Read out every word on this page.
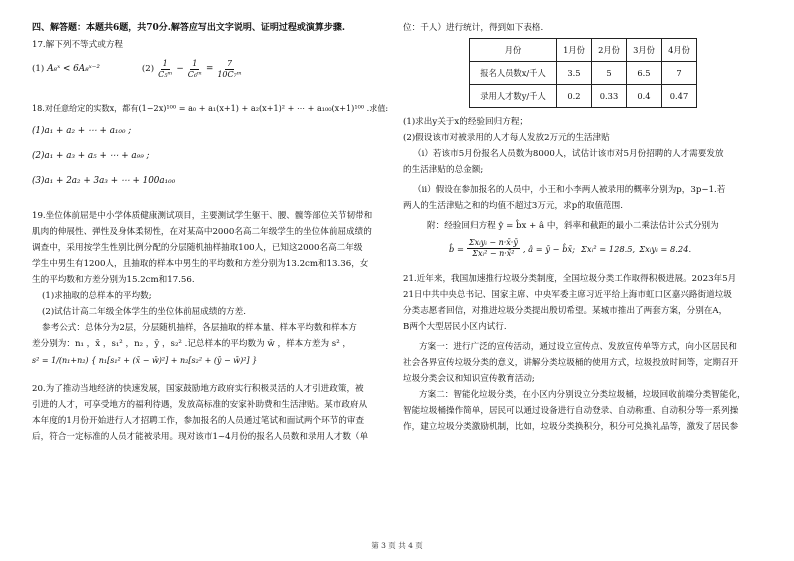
四、解答题：本题共6题，共70分.解答应写出文字说明、证明过程或演算步骤.
17.解下列不等式或方程
(1) A₈ˣ < 6A₈ˣ⁻²	$(2) \frac{1}{\text{C₅ᵐ}} - \frac{1}{\text{C₆ᵐ}} = \frac{7}{\text{10C₇ᵐ}}$
18.对任意给定的实数x，都有(1−2x)¹⁰⁰ = a₀ + a₁(x+1) + a₂(x+1)² + ⋯ + a₁₀₀(x+1)¹⁰⁰ .求值:
(1)a₁ + a₂ + ⋯ + a₁₀₀ ;
(2)a₁ + a₃ + a₅ + ⋯ + a₉₉ ;
(3)a₁ + 2a₂ + 3a₃ + ⋯ + 100a₁₀₀
19.坐位体前屈是中小学体质健康测试项目，主要测试学生躯干、腰、髋等部位关节韧带和
肌肉的伸展性、弹性及身体柔韧性，在对某高中2000名高二年级学生的坐位体前屈成绩的
调查中，采用按学生性别比例分配的分层随机抽样抽取100人，已知这2000名高二年级
学生中男生有1200人，且抽取的样本中男生的平均数和方差分别为13.2cm和13.36，女
生的平均数和方差分别为15.2cm和17.56.
(1)求抽取的总样本的平均数;
(2)试估计高二年级全体学生的坐位体前屈成绩的方差.
参考公式：总体分为2层，分层随机抽样，各层抽取的样本量、样本平均数和样本方
差分别为：n₁ ，x̄ ，s₁² ，n₂ ，ȳ ，s₂² .记总样本的平均数为 w̄ ，样本方差为 s² ，
s² = 1/(n₁+n₂) { n₁[s₁² + (x̄ − w̄)²] + n₂[s₂² + (ȳ − w̄)²] }
20.为了推动当地经济的快速发展，国家鼓励地方政府实行积极灵活的人才引进政策，被
引进的人才，可享受地方的福利待遇，发放高标准的安家补助费和生活津贴。某市政府从
本年度的1月份开始进行人才招聘工作，参加报名的人员通过笔试和面试两个环节的审查
后，符合一定标准的人员才能被录用。现对该市1~4月份的报名人员数和录用人才数（单
位：千人）进行统计，得到如下表格.
月份	1月份	2月份	3月份	4月份
报名人员数x/千人	3.5	5	6.5	7
录用人才数y/千人	0.2	0.33	0.4	0.47
(1)求出y关于x的经验回归方程；
(2)假设该市对被录用的人才每人发放2万元的生活津贴
（i）若该市5月份报名人员数为8000人，试估计该市对5月份招聘的人才需要发放
的生活津贴的总金额;
（ii）假设在参加报名的人员中，小王和小李两人被录用的概率分别为p，3p−1.若
两人的生活津贴之和的均值不超过3万元，求p的取值范围.
附：经验回归方程 ŷ = b̂x + â 中，斜率和截距的最小二乘法估计公式分别为
b̂ = $\frac{\text{Σxᵢyᵢ − n·x̄·ȳ}}{\text{Σxᵢ² − n·x̄²}}$ , â = ȳ − b̂x̄; Σxᵢ² = 128.5, Σxᵢyᵢ = 8.24.
21.近年来，我国加速推行垃圾分类制度，全国垃圾分类工作取得积极进展。2023年5月
21日中共中央总书记、国家主席、中央军委主席习近平给上海市虹口区嘉兴路街道垃圾
分类志愿者回信，对推进垃圾分类提出殷切希望。某城市推出了两套方案，分别在A，
B两个大型居民小区内试行.
方案一：进行广泛的宣传活动，通过设立宣传点、发放宣传单等方式，向小区居民和
社会各界宣传垃圾分类的意义，讲解分类垃圾桶的使用方式，垃圾投放时间等，定期召开
垃圾分类会议和知识宣传教育活动;
方案二：智能化垃圾分类，在小区内分别设立分类垃圾桶，垃圾回收前端分类智能化，
智能垃圾桶操作简单，居民可以通过设备进行自动登录、自动称重、自动积分等一系列操
作，建立垃圾分类激励机制，比如，垃圾分类换积分，积分可兑换礼品等，激发了居民参
第 3 页 共 4 页
